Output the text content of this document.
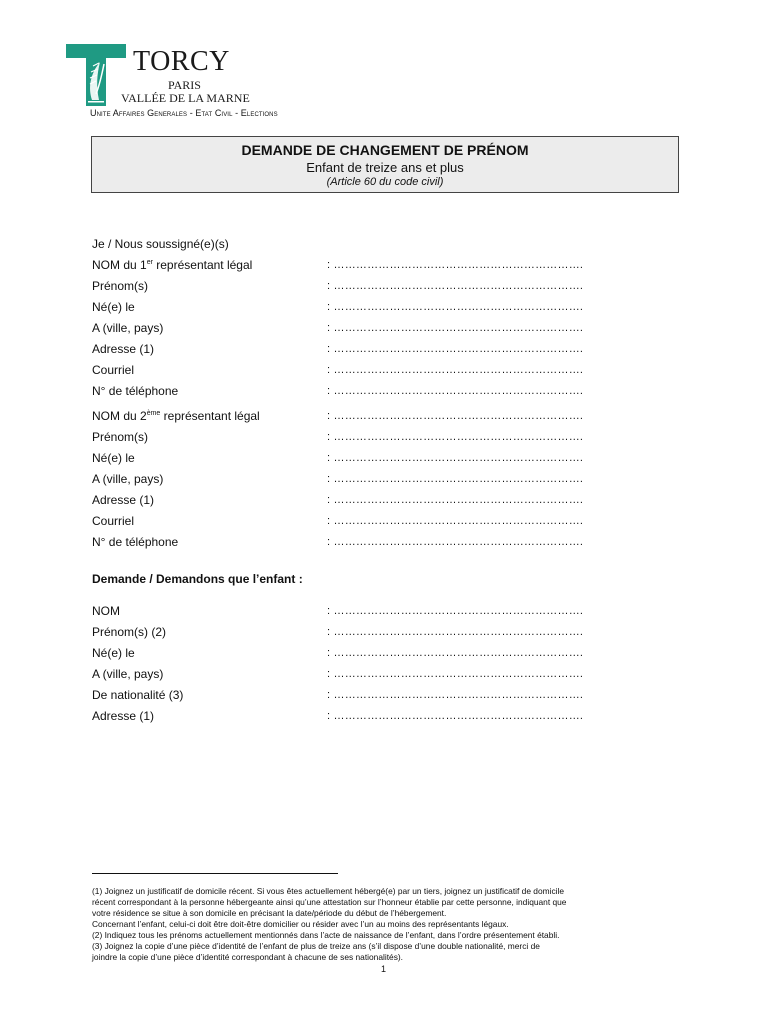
TORCY
PARIS
VALLÉE DE LA MARNE
Unite Affaires Generales - Etat Civil - Elections
DEMANDE DE CHANGEMENT DE PRÉNOM
Enfant de treize ans et plus
(Article 60 du code civil)
Je / Nous soussigné(e)(s)
NOM du 1er représentant légal	: ………………………………………………………….
Prénom(s)	: ………………………………………………………….
Né(e) le	: ………………………………………………………….
A (ville, pays)	: ………………………………………………………….
Adresse (1)	: ………………………………………………………….
Courriel	: ………………………………………………………….
N° de téléphone	: ………………………………………………………….
NOM du 2ème représentant légal	: ………………………………………………………….
Prénom(s)	: ………………………………………………………….
Né(e) le	: ………………………………………………………….
A (ville, pays)	: ………………………………………………………….
Adresse (1)	: ………………………………………………………….
Courriel	: ………………………………………………………….
N° de téléphone	: ………………………………………………………….
Demande / Demandons que l’enfant :
NOM	: ………………………………………………………….
Prénom(s) (2)	: ………………………………………………………….
Né(e) le	: ………………………………………………………….
A (ville, pays)	: ………………………………………………………….
De nationalité (3)	: ………………………………………………………….
Adresse (1)	: ………………………………………………………….
(1) Joignez un justificatif de domicile récent. Si vous êtes actuellement hébergé(e) par un tiers, joignez un justificatif de domicile
récent correspondant à la personne hébergeante ainsi qu’une attestation sur l’honneur établie par cette personne, indiquant que
votre résidence se situe à son domicile en précisant la date/période du début de l’hébergement.
Concernant l’enfant, celui-ci doit être doit-être domicilier ou résider avec l’un au moins des représentants légaux.
(2) Indiquez tous les prénoms actuellement mentionnés dans l’acte de naissance de l’enfant, dans l’ordre présentement établi.
(3) Joignez la copie d’une pièce d’identité de l’enfant de plus de treize ans (s’il dispose d’une double nationalité, merci de
joindre la copie d’une pièce d’identité correspondant à chacune de ses nationalités).
1
